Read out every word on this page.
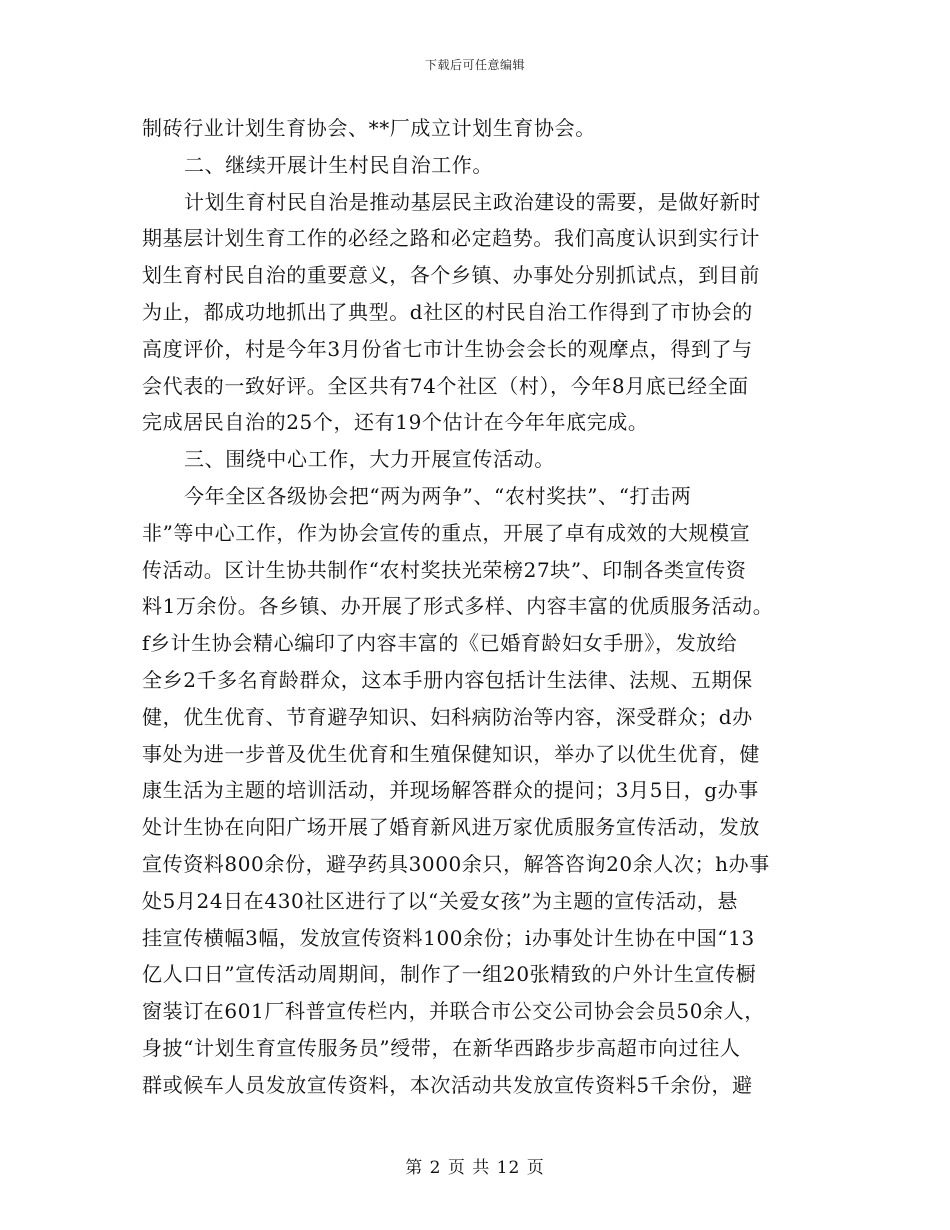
下载后可任意编辑
制砖行业计划生育协会、**厂成立计划生育协会。
二、继续开展计生村民自治工作。
计划生育村民自治是推动基层民主政治建设的需要，是做好新时
期基层计划生育工作的必经之路和必定趋势。我们高度认识到实行计
划生育村民自治的重要意义，各个乡镇、办事处分别抓试点，到目前
为止，都成功地抓出了典型。d社区的村民自治工作得到了市协会的
高度评价，村是今年3月份省七市计生协会会长的观摩点，得到了与
会代表的一致好评。全区共有74个社区（村），今年8月底已经全面
完成居民自治的25个，还有19个估计在今年年底完成。
三、围绕中心工作，大力开展宣传活动。
今年全区各级协会把“两为两争”、“农村奖扶”、“打击两
非”等中心工作，作为协会宣传的重点，开展了卓有成效的大规模宣
传活动。区计生协共制作“农村奖扶光荣榜27块”、印制各类宣传资
料1万余份。各乡镇、办开展了形式多样、内容丰富的优质服务活动。
f乡计生协会精心编印了内容丰富的《已婚育龄妇女手册》，发放给
全乡2千多名育龄群众，这本手册内容包括计生法律、法规、五期保
健，优生优育、节育避孕知识、妇科病防治等内容，深受群众；d办
事处为进一步普及优生优育和生殖保健知识，举办了以优生优育，健
康生活为主题的培训活动，并现场解答群众的提问；3月5日，g办事
处计生协在向阳广场开展了婚育新风进万家优质服务宣传活动，发放
宣传资料800余份，避孕药具3000余只，解答咨询20余人次；h办事
处5月24日在430社区进行了以“关爱女孩”为主题的宣传活动，悬
挂宣传横幅3幅，发放宣传资料100余份；i办事处计生协在中国“13
亿人口日”宣传活动周期间，制作了一组20张精致的户外计生宣传橱
窗装订在601厂科普宣传栏内，并联合市公交公司协会会员50余人，
身披“计划生育宣传服务员”绶带，在新华西路步步高超市向过往人
群或候车人员发放宣传资料，本次活动共发放宣传资料5千余份，避
第 2 页 共 12 页
